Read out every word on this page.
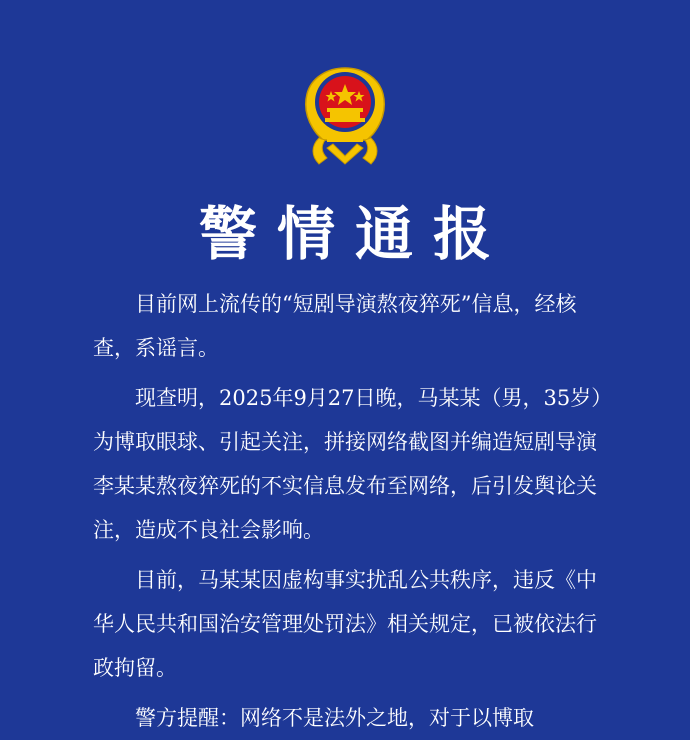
警情通报

目前网上流传的“短剧导演熬夜猝死”信息，经核查，系谣言。

现查明，2025年9月27日晚，马某某（男，35岁）为博取眼球、引起关注，拼接网络截图并编造短剧导演李某某熬夜猝死的不实信息发布至网络，后引发舆论关注，造成不良社会影响。

目前，马某某因虚构事实扰乱公共秩序，违反《中华人民共和国治安管理处罚法》相关规定，已被依法行政拘留。

警方提醒：网络不是法外之地，对于以博取
